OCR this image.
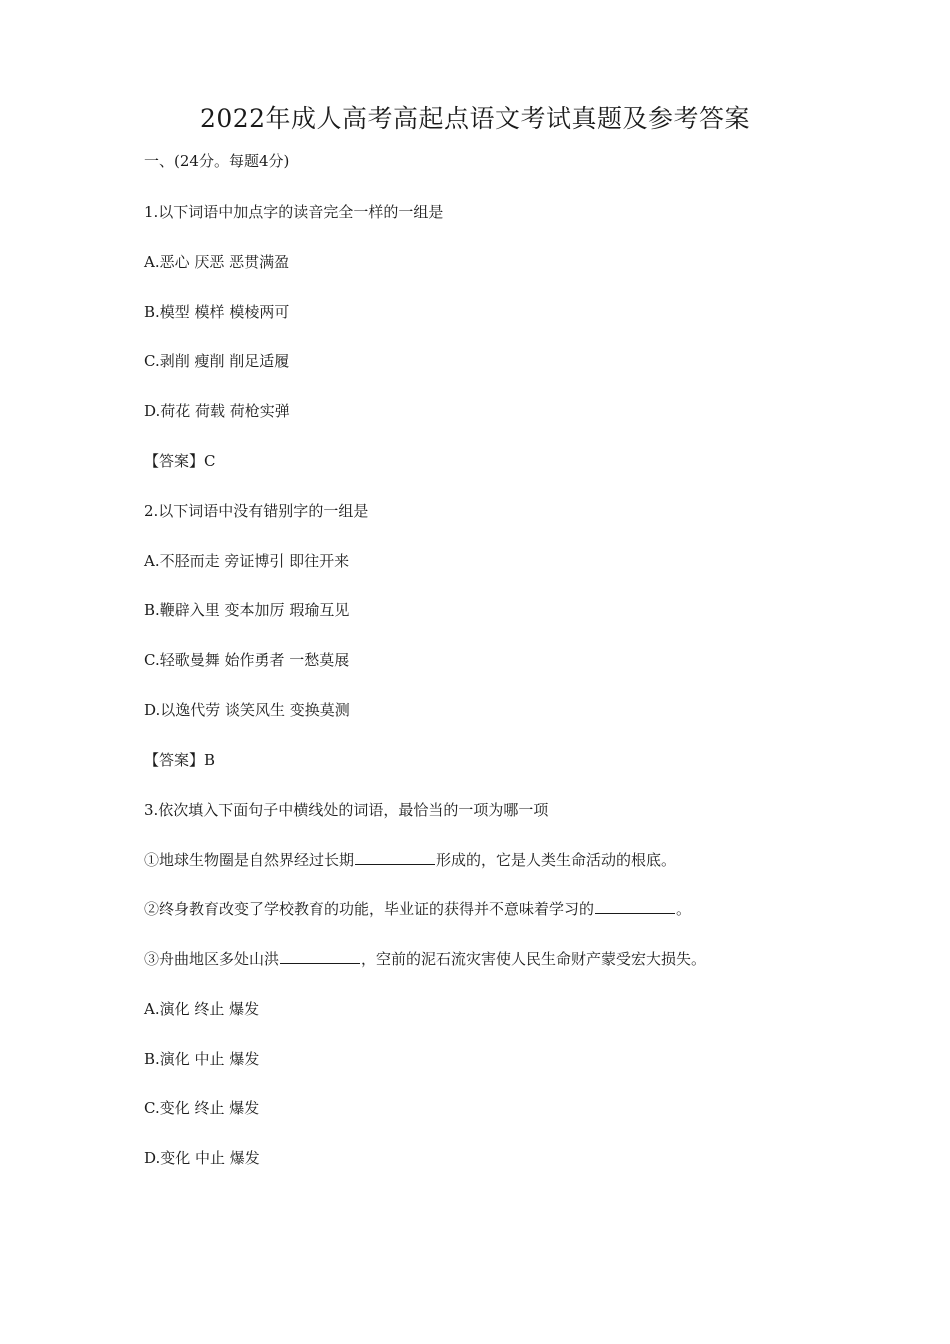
2022年成人高考高起点语文考试真题及参考答案
一、(24分。每题4分)
1.以下词语中加点字的读音完全一样的一组是
A.恶心 厌恶 恶贯满盈
B.模型 模样 模棱两可
C.剥削 瘦削 削足适履
D.荷花 荷载 荷枪实弹
【答案】C
2.以下词语中没有错别字的一组是
A.不胫而走 旁证博引 即往开来
B.鞭辟入里 变本加厉 瑕瑜互见
C.轻歌曼舞 始作勇者 一愁莫展
D.以逸代劳 谈笑风生 变换莫测
【答案】B
3.依次填入下面句子中横线处的词语，最恰当的一项为哪一项
①地球生物圈是自然界经过长期	形成的，它是人类生命活动的根底。
②终身教育改变了学校教育的功能，毕业证的获得并不意味着学习的	。
③舟曲地区多处山洪	，空前的泥石流灾害使人民生命财产蒙受宏大损失。
A.演化 终止 爆发
B.演化 中止 爆发
C.变化 终止 爆发
D.变化 中止 爆发
